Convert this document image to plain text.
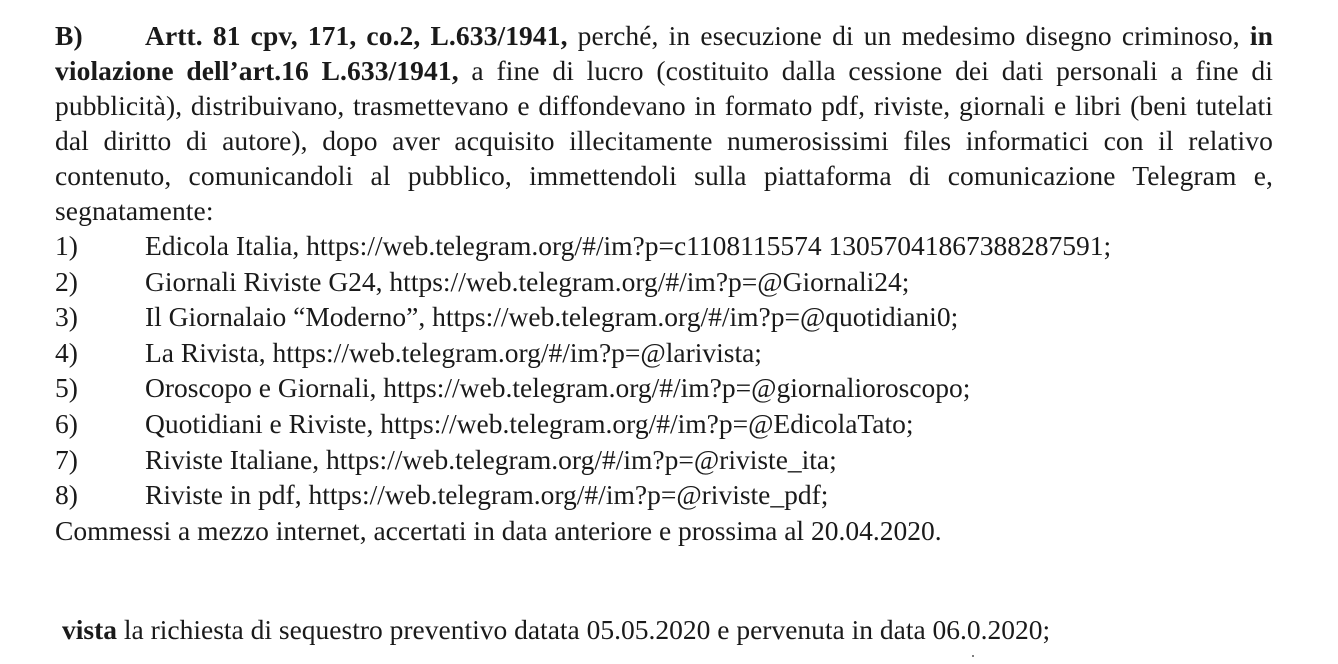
B) Artt. 81 cpv, 171, co.2, L.633/1941, perché, in esecuzione di un medesimo disegno criminoso, in violazione dell’art.16 L.633/1941, a fine di lucro (costituito dalla cessione dei dati personali a fine di pubblicità), distribuivano, trasmettevano e diffondevano in formato pdf, riviste, giornali e libri (beni tutelati dal diritto di autore), dopo aver acquisito illecitamente numerosissimi files informatici con il relativo contenuto, comunicandoli al pubblico, immettendoli sulla piattaforma di comunicazione Telegram e, segnatamente:
1)	Edicola Italia, https://web.telegram.org/#/im?p=c1108115574 13057041867388287591;
2)	Giornali Riviste G24, https://web.telegram.org/#/im?p=@Giornali24;
3)	Il Giornalaio “Moderno”, https://web.telegram.org/#/im?p=@quotidiani0;
4)	La Rivista, https://web.telegram.org/#/im?p=@larivista;
5)	Oroscopo e Giornali, https://web.telegram.org/#/im?p=@giornalioroscopo;
6)	Quotidiani e Riviste, https://web.telegram.org/#/im?p=@EdicolaTato;
7)	Riviste Italiane, https://web.telegram.org/#/im?p=@riviste_ita;
8)	Riviste in pdf, https://web.telegram.org/#/im?p=@riviste_pdf;
Commessi a mezzo internet, accertati in data anteriore e prossima al 20.04.2020.
vista la richiesta di sequestro preventivo datata 05.05.2020 e pervenuta in data 06.0.2020;
